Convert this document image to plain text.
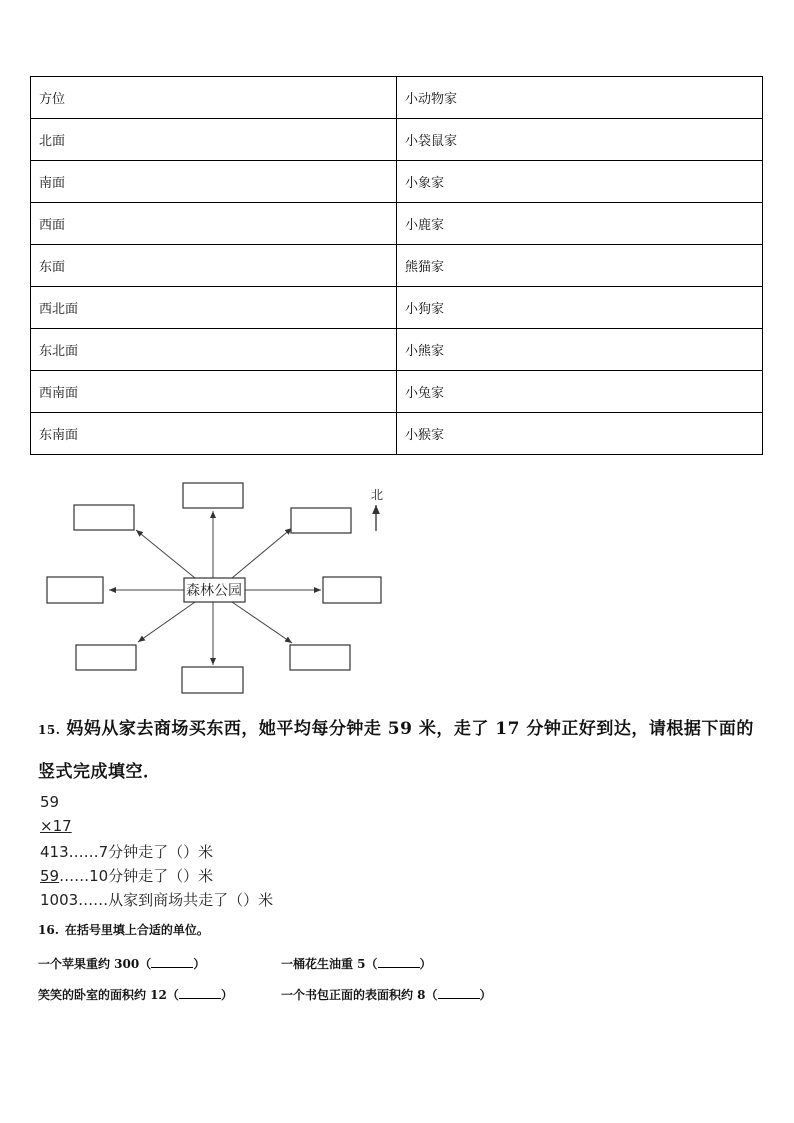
方位	小动物家
北面	小袋鼠家
南面	小象家
西面	小鹿家
东面	熊猫家
西北面	小狗家
东北面	小熊家
西南面	小兔家
东南面	小猴家
森林公园
北
15. 妈妈从家去商场买东西，她平均每分钟走 59 米，走了 17 分钟正好到达，请根据下面的竖式完成填空．
59
×17
413……7分钟走了（）米
59……10分钟走了（）米
1003……从家到商场共走了（）米
16. 在括号里填上合适的单位。
一个苹果重约 300（	）	一桶花生油重 5（	）
笑笑的卧室的面积约 12（	）	一个书包正面的表面积约 8（	）
